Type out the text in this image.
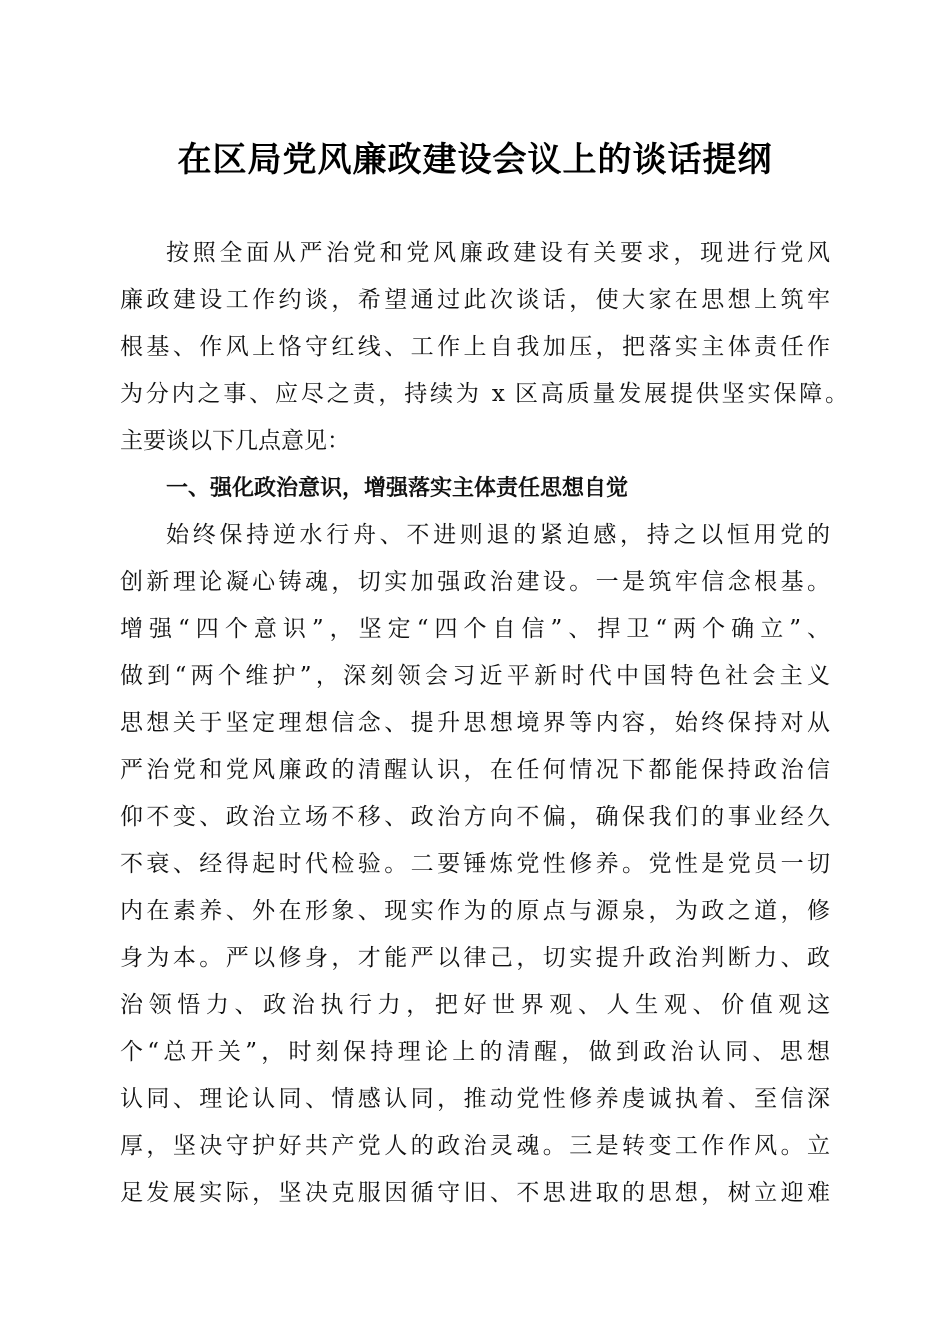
在区局党风廉政建设会议上的谈话提纲
按照全面从严治党和党风廉政建设有关要求，现进行党风
廉政建设工作约谈，希望通过此次谈话，使大家在思想上筑牢
根基、作风上恪守红线、工作上自我加压，把落实主体责任作
为分内之事、应尽之责，持续为 x 区高质量发展提供坚实保障。
主要谈以下几点意见：
一、强化政治意识，增强落实主体责任思想自觉
始终保持逆水行舟、不进则退的紧迫感，持之以恒用党的
创新理论凝心铸魂，切实加强政治建设。一是筑牢信念根基。
增强“四个意识”，坚定“四个自信”、捍卫“两个确立”、
做到“两个维护”，深刻领会习近平新时代中国特色社会主义
思想关于坚定理想信念、提升思想境界等内容，始终保持对从
严治党和党风廉政的清醒认识，在任何情况下都能保持政治信
仰不变、政治立场不移、政治方向不偏，确保我们的事业经久
不衰、经得起时代检验。二要锤炼党性修养。党性是党员一切
内在素养、外在形象、现实作为的原点与源泉，为政之道，修
身为本。严以修身，才能严以律己，切实提升政治判断力、政
治领悟力、政治执行力，把好世界观、人生观、价值观这
个“总开关”，时刻保持理论上的清醒，做到政治认同、思想
认同、理论认同、情感认同，推动党性修养虔诚执着、至信深
厚，坚决守护好共产党人的政治灵魂。三是转变工作作风。立
足发展实际，坚决克服因循守旧、不思进取的思想，树立迎难
